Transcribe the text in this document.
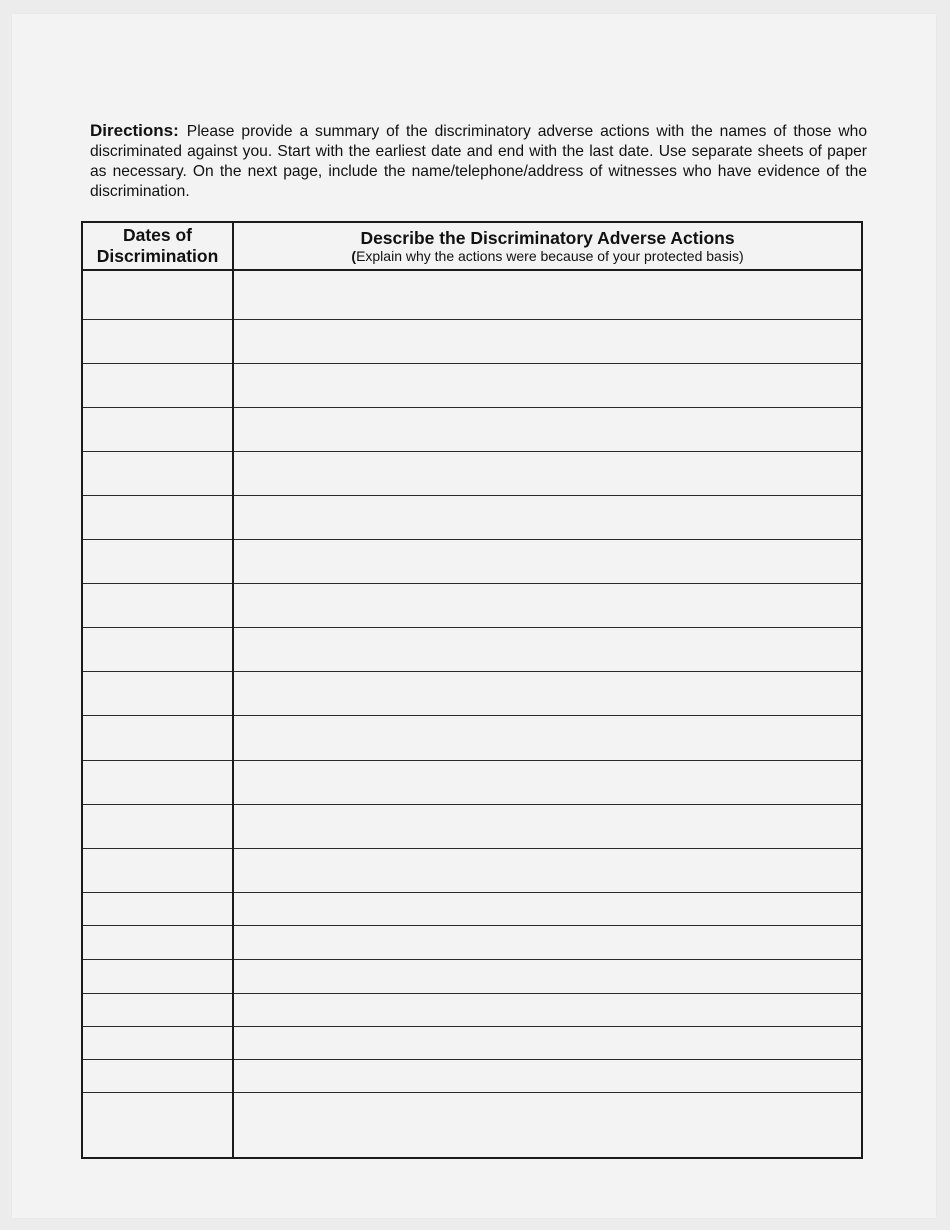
Directions: Please provide a summary of the discriminatory adverse actions with the names of those who discriminated against you. Start with the earliest date and end with the last date. Use separate sheets of paper as necessary. On the next page, include the name/telephone/address of witnesses who have evidence of the discrimination.
Dates of
Discrimination
Describe the Discriminatory Adverse Actions
(Explain why the actions were because of your protected basis)
